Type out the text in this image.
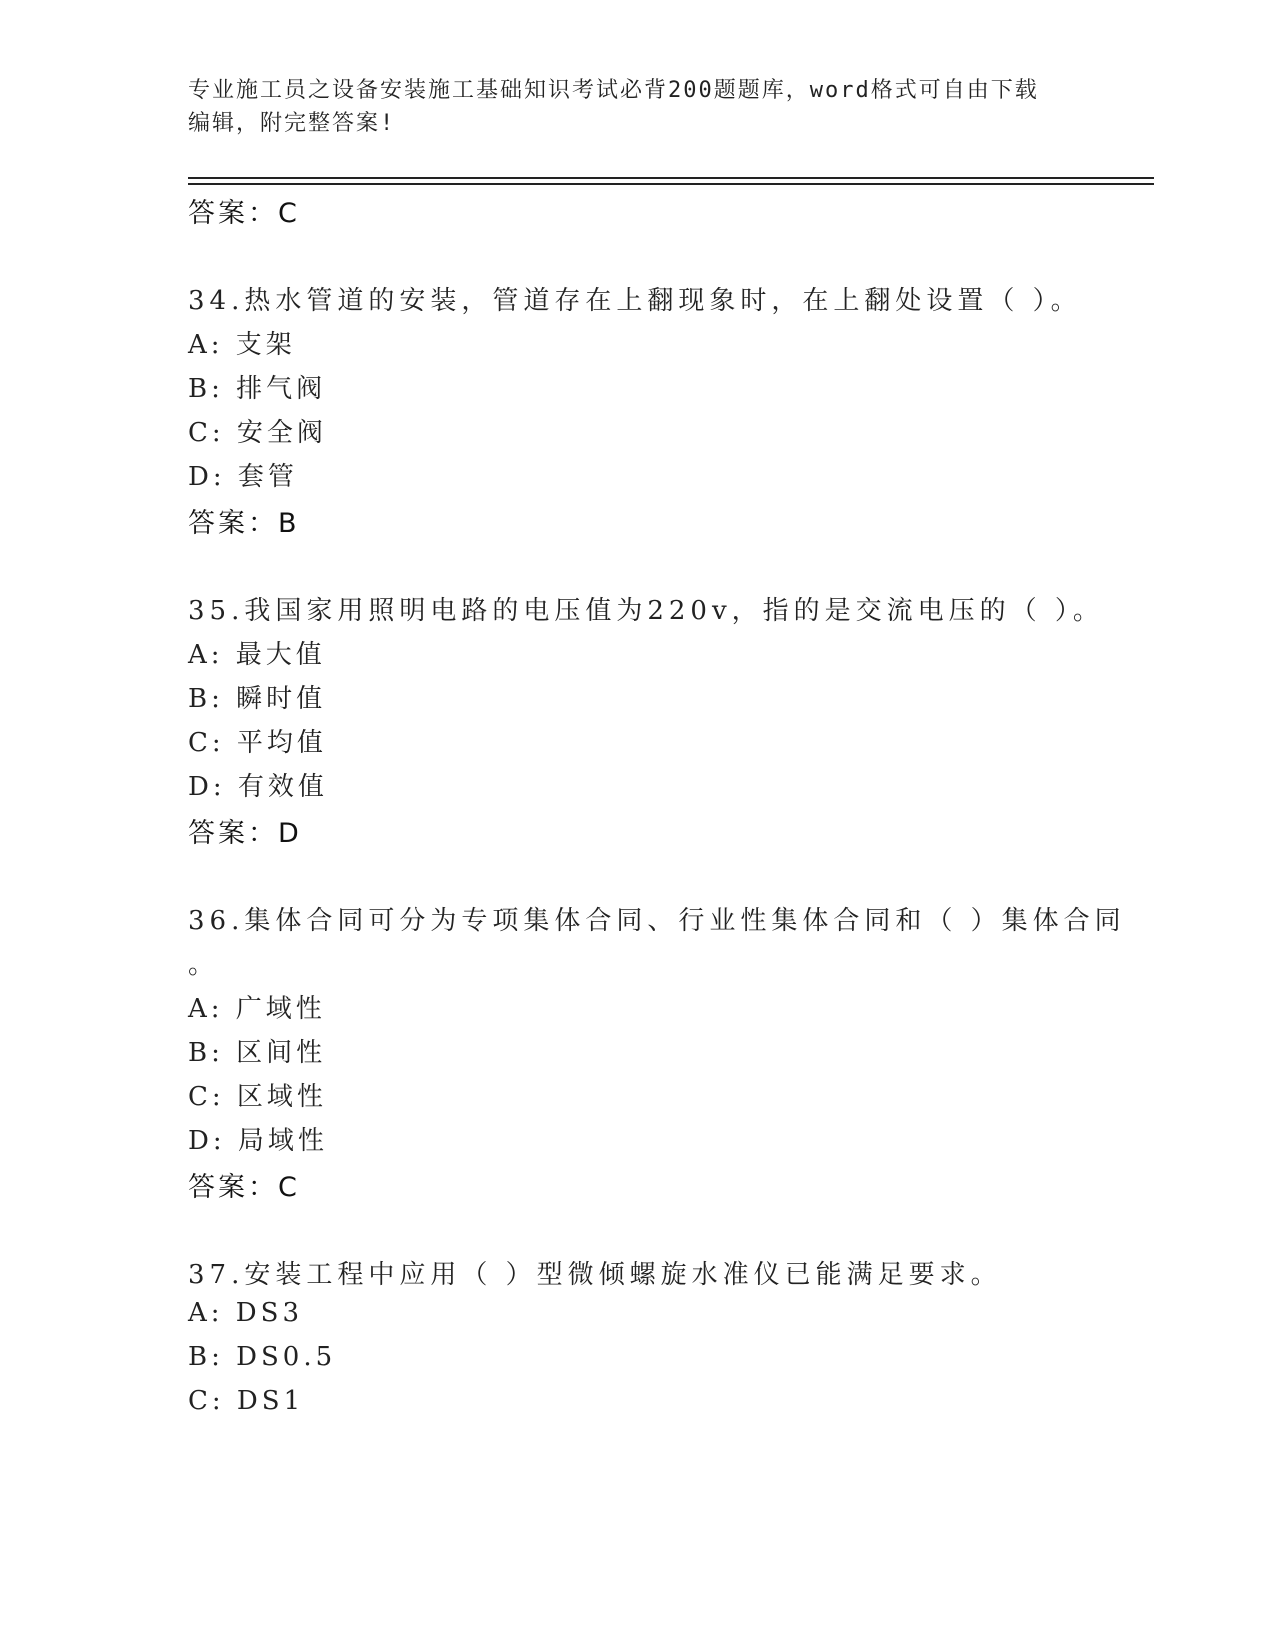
专业施工员之设备安装施工基础知识考试必背200题题库，word格式可自由下载
编辑，附完整答案!
答案：C
34.热水管道的安装，管道存在上翻现象时，在上翻处设置（ ）。
A: 支架
B: 排气阀
C: 安全阀
D: 套管
答案：B
35.我国家用照明电路的电压值为220v，指的是交流电压的（ ）。
A: 最大值
B: 瞬时值
C: 平均值
D: 有效值
答案：D
36.集体合同可分为专项集体合同、行业性集体合同和（ ）集体合同
。
A: 广域性
B: 区间性
C: 区域性
D: 局域性
答案：C
37.安装工程中应用（ ）型微倾螺旋水准仪已能满足要求。
A: DS3
B: DS0.5
C: DS1
